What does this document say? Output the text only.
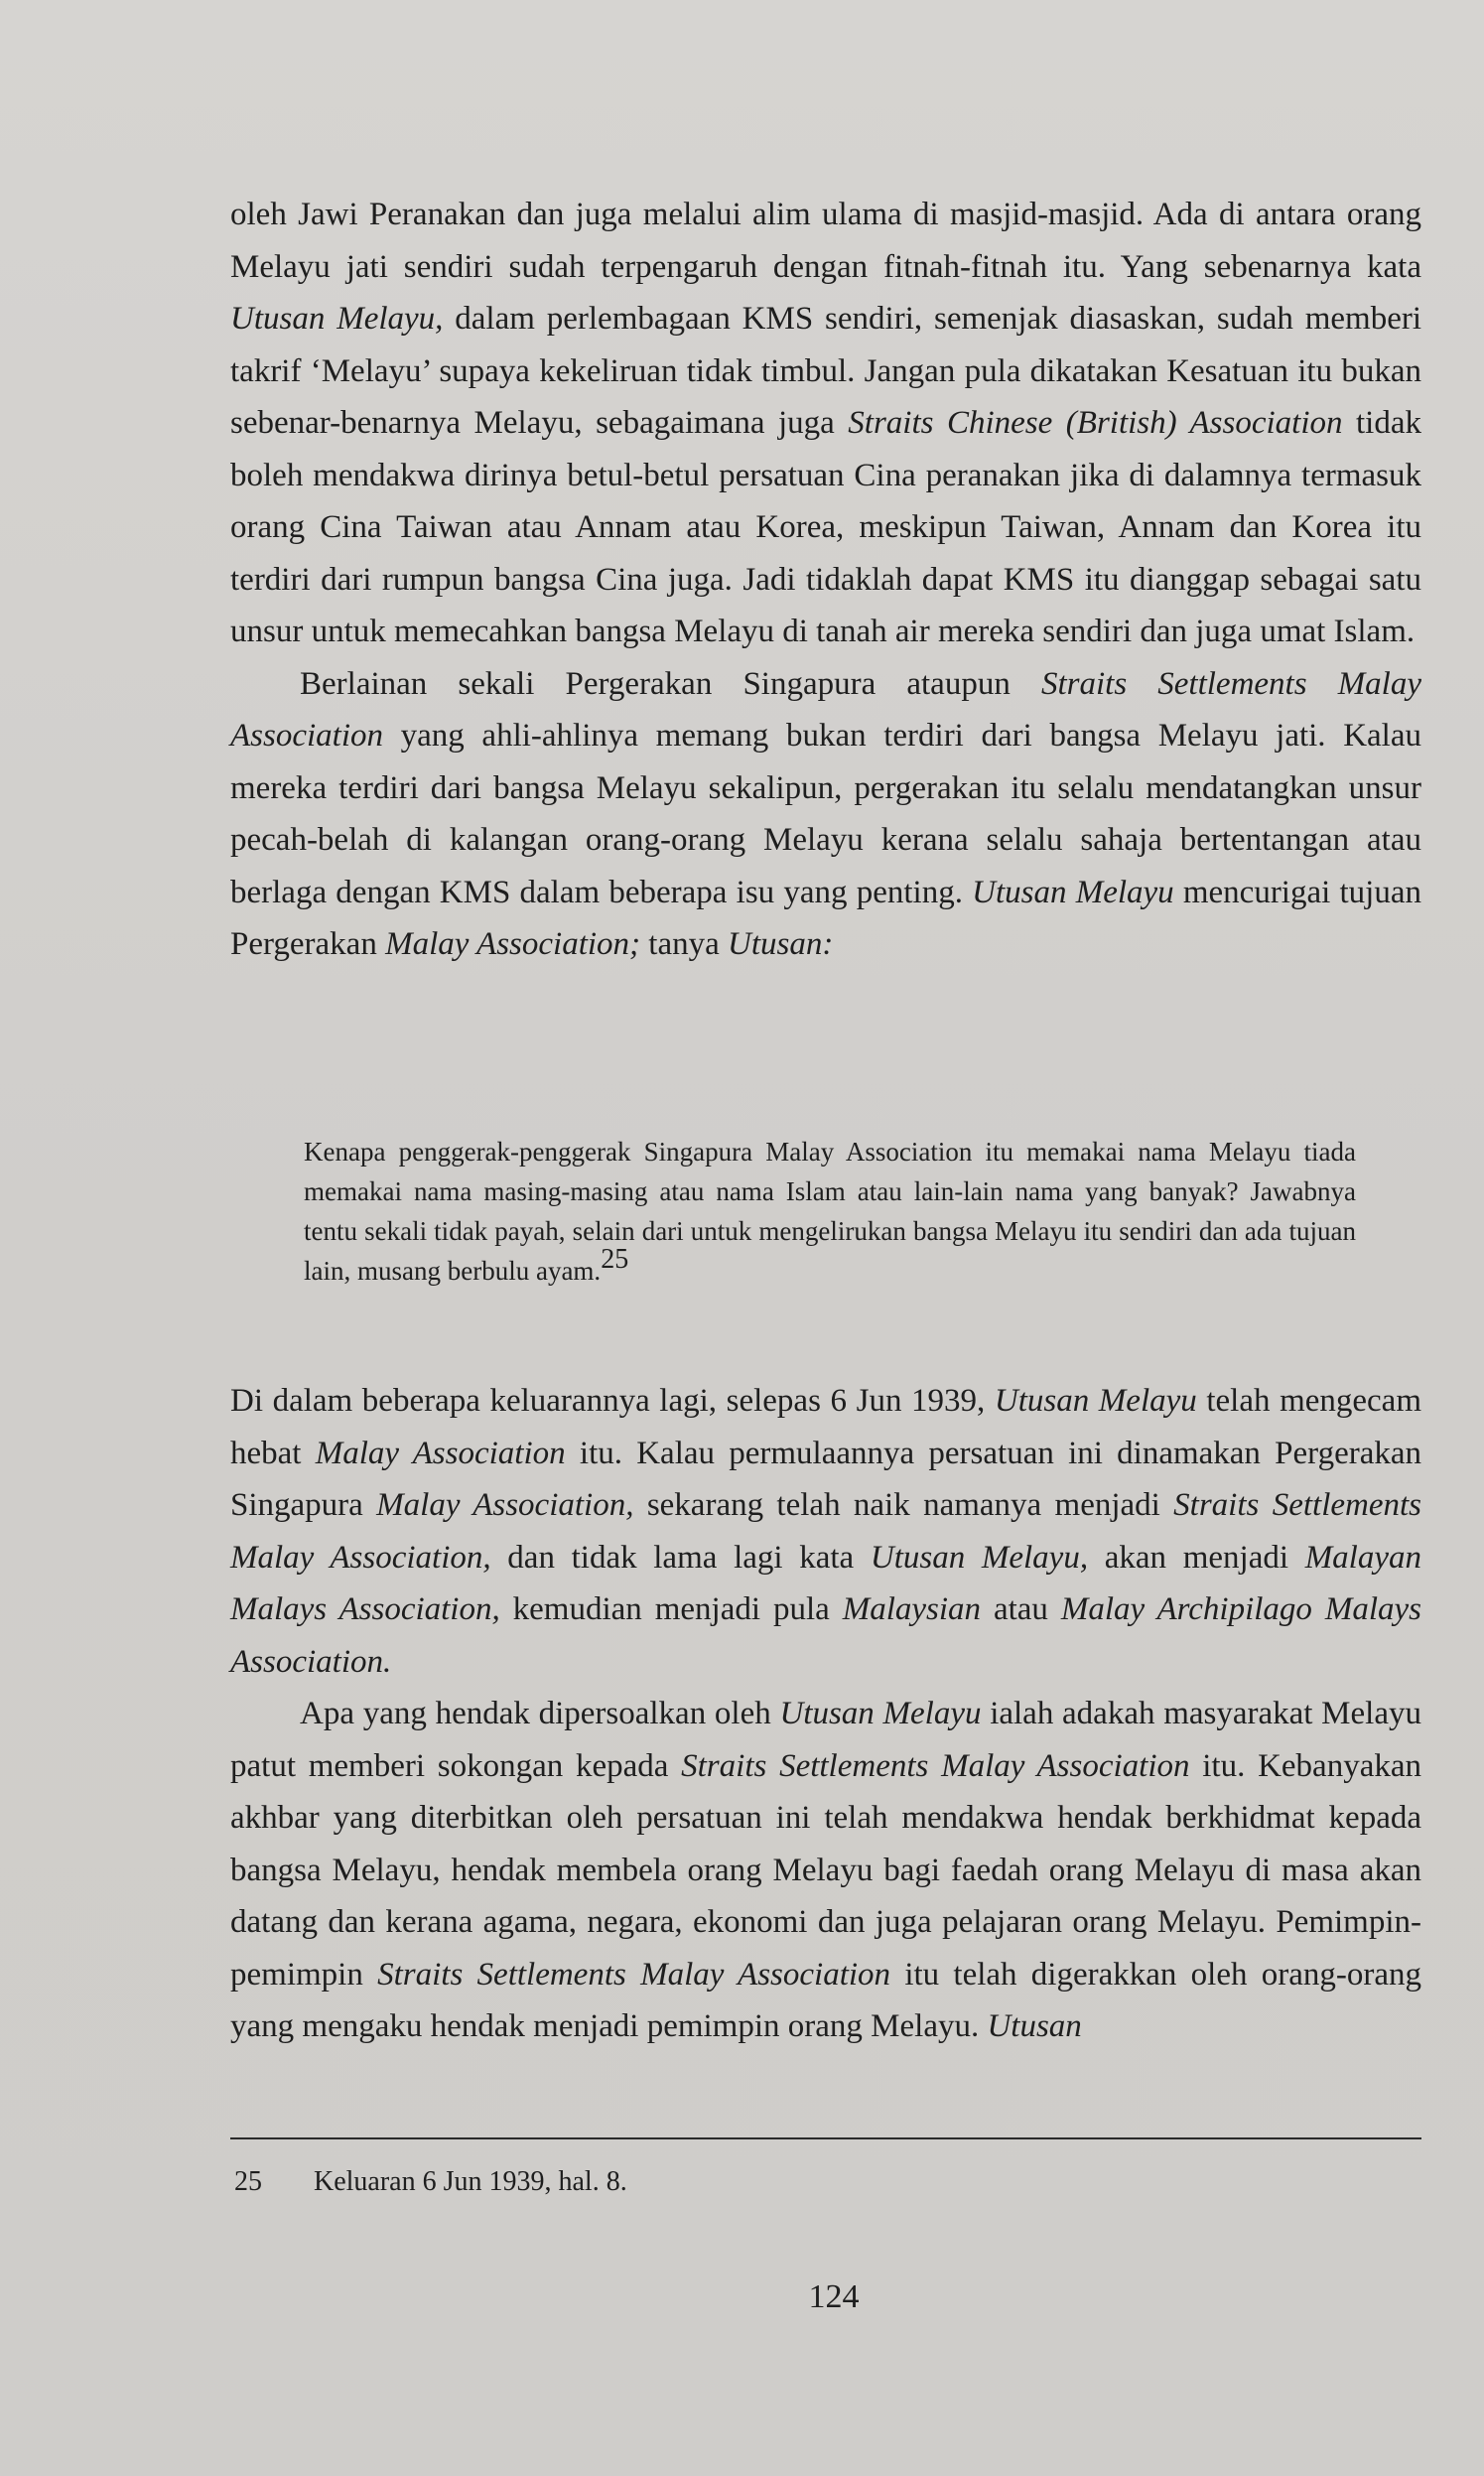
oleh Jawi Peranakan dan juga melalui alim ulama di masjid-masjid. Ada di antara orang Melayu jati sendiri sudah terpengaruh dengan fitnah-fitnah itu. Yang sebenarnya kata Utusan Melayu, dalam perlembagaan KMS sendiri, semenjak diasaskan, sudah memberi takrif ‘Melayu’ supaya kekeliruan tidak timbul. Jangan pula dikatakan Kesatuan itu bukan sebenar-benarnya Melayu, sebagaimana juga Straits Chinese (British) Association tidak boleh mendakwa dirinya betul-betul persatuan Cina peranakan jika di dalamnya termasuk orang Cina Taiwan atau Annam atau Korea, meskipun Taiwan, Annam dan Korea itu terdiri dari rumpun bangsa Cina juga. Jadi tidaklah dapat KMS itu dianggap sebagai satu unsur untuk memecahkan bangsa Melayu di tanah air mereka sendiri dan juga umat Islam.

Berlainan sekali Pergerakan Singapura ataupun Straits Settlements Malay Association yang ahli-ahlinya memang bukan terdiri dari bangsa Melayu jati. Kalau mereka terdiri dari bangsa Melayu sekalipun, pergerakan itu selalu mendatangkan unsur pecah-belah di kalangan orang-orang Melayu kerana selalu sahaja bertentangan atau berlaga dengan KMS dalam beberapa isu yang penting. Utusan Melayu mencurigai tujuan Pergerakan Malay Association; tanya Utusan:

Kenapa penggerak-penggerak Singapura Malay Association itu memakai nama Melayu tiada memakai nama masing-masing atau nama Islam atau lain-lain nama yang banyak? Jawabnya tentu sekali tidak payah, selain dari untuk mengelirukan bangsa Melayu itu sendiri dan ada tujuan lain, musang berbulu ayam.$^{25}$

Di dalam beberapa keluarannya lagi, selepas 6 Jun 1939, Utusan Melayu telah mengecam hebat Malay Association itu. Kalau permulaannya persatuan ini dinamakan Pergerakan Singapura Malay Association, sekarang telah naik namanya menjadi Straits Settlements Malay Association, dan tidak lama lagi kata Utusan Melayu, akan menjadi Malayan Malays Association, kemudian menjadi pula Malaysian atau Malay Archipilago Malays Association.

Apa yang hendak dipersoalkan oleh Utusan Melayu ialah adakah masyarakat Melayu patut memberi sokongan kepada Straits Settlements Malay Association itu. Kebanyakan akhbar yang diterbitkan oleh persatuan ini telah mendakwa hendak berkhidmat kepada bangsa Melayu, hendak membela orang Melayu bagi faedah orang Melayu di masa akan datang dan kerana agama, negara, ekonomi dan juga pelajaran orang Melayu. Pemimpin-pemimpin Straits Settlements Malay Association itu telah digerakkan oleh orang-orang yang mengaku hendak menjadi pemimpin orang Melayu. Utusan

25 Keluaran 6 Jun 1939, hal. 8.
124
